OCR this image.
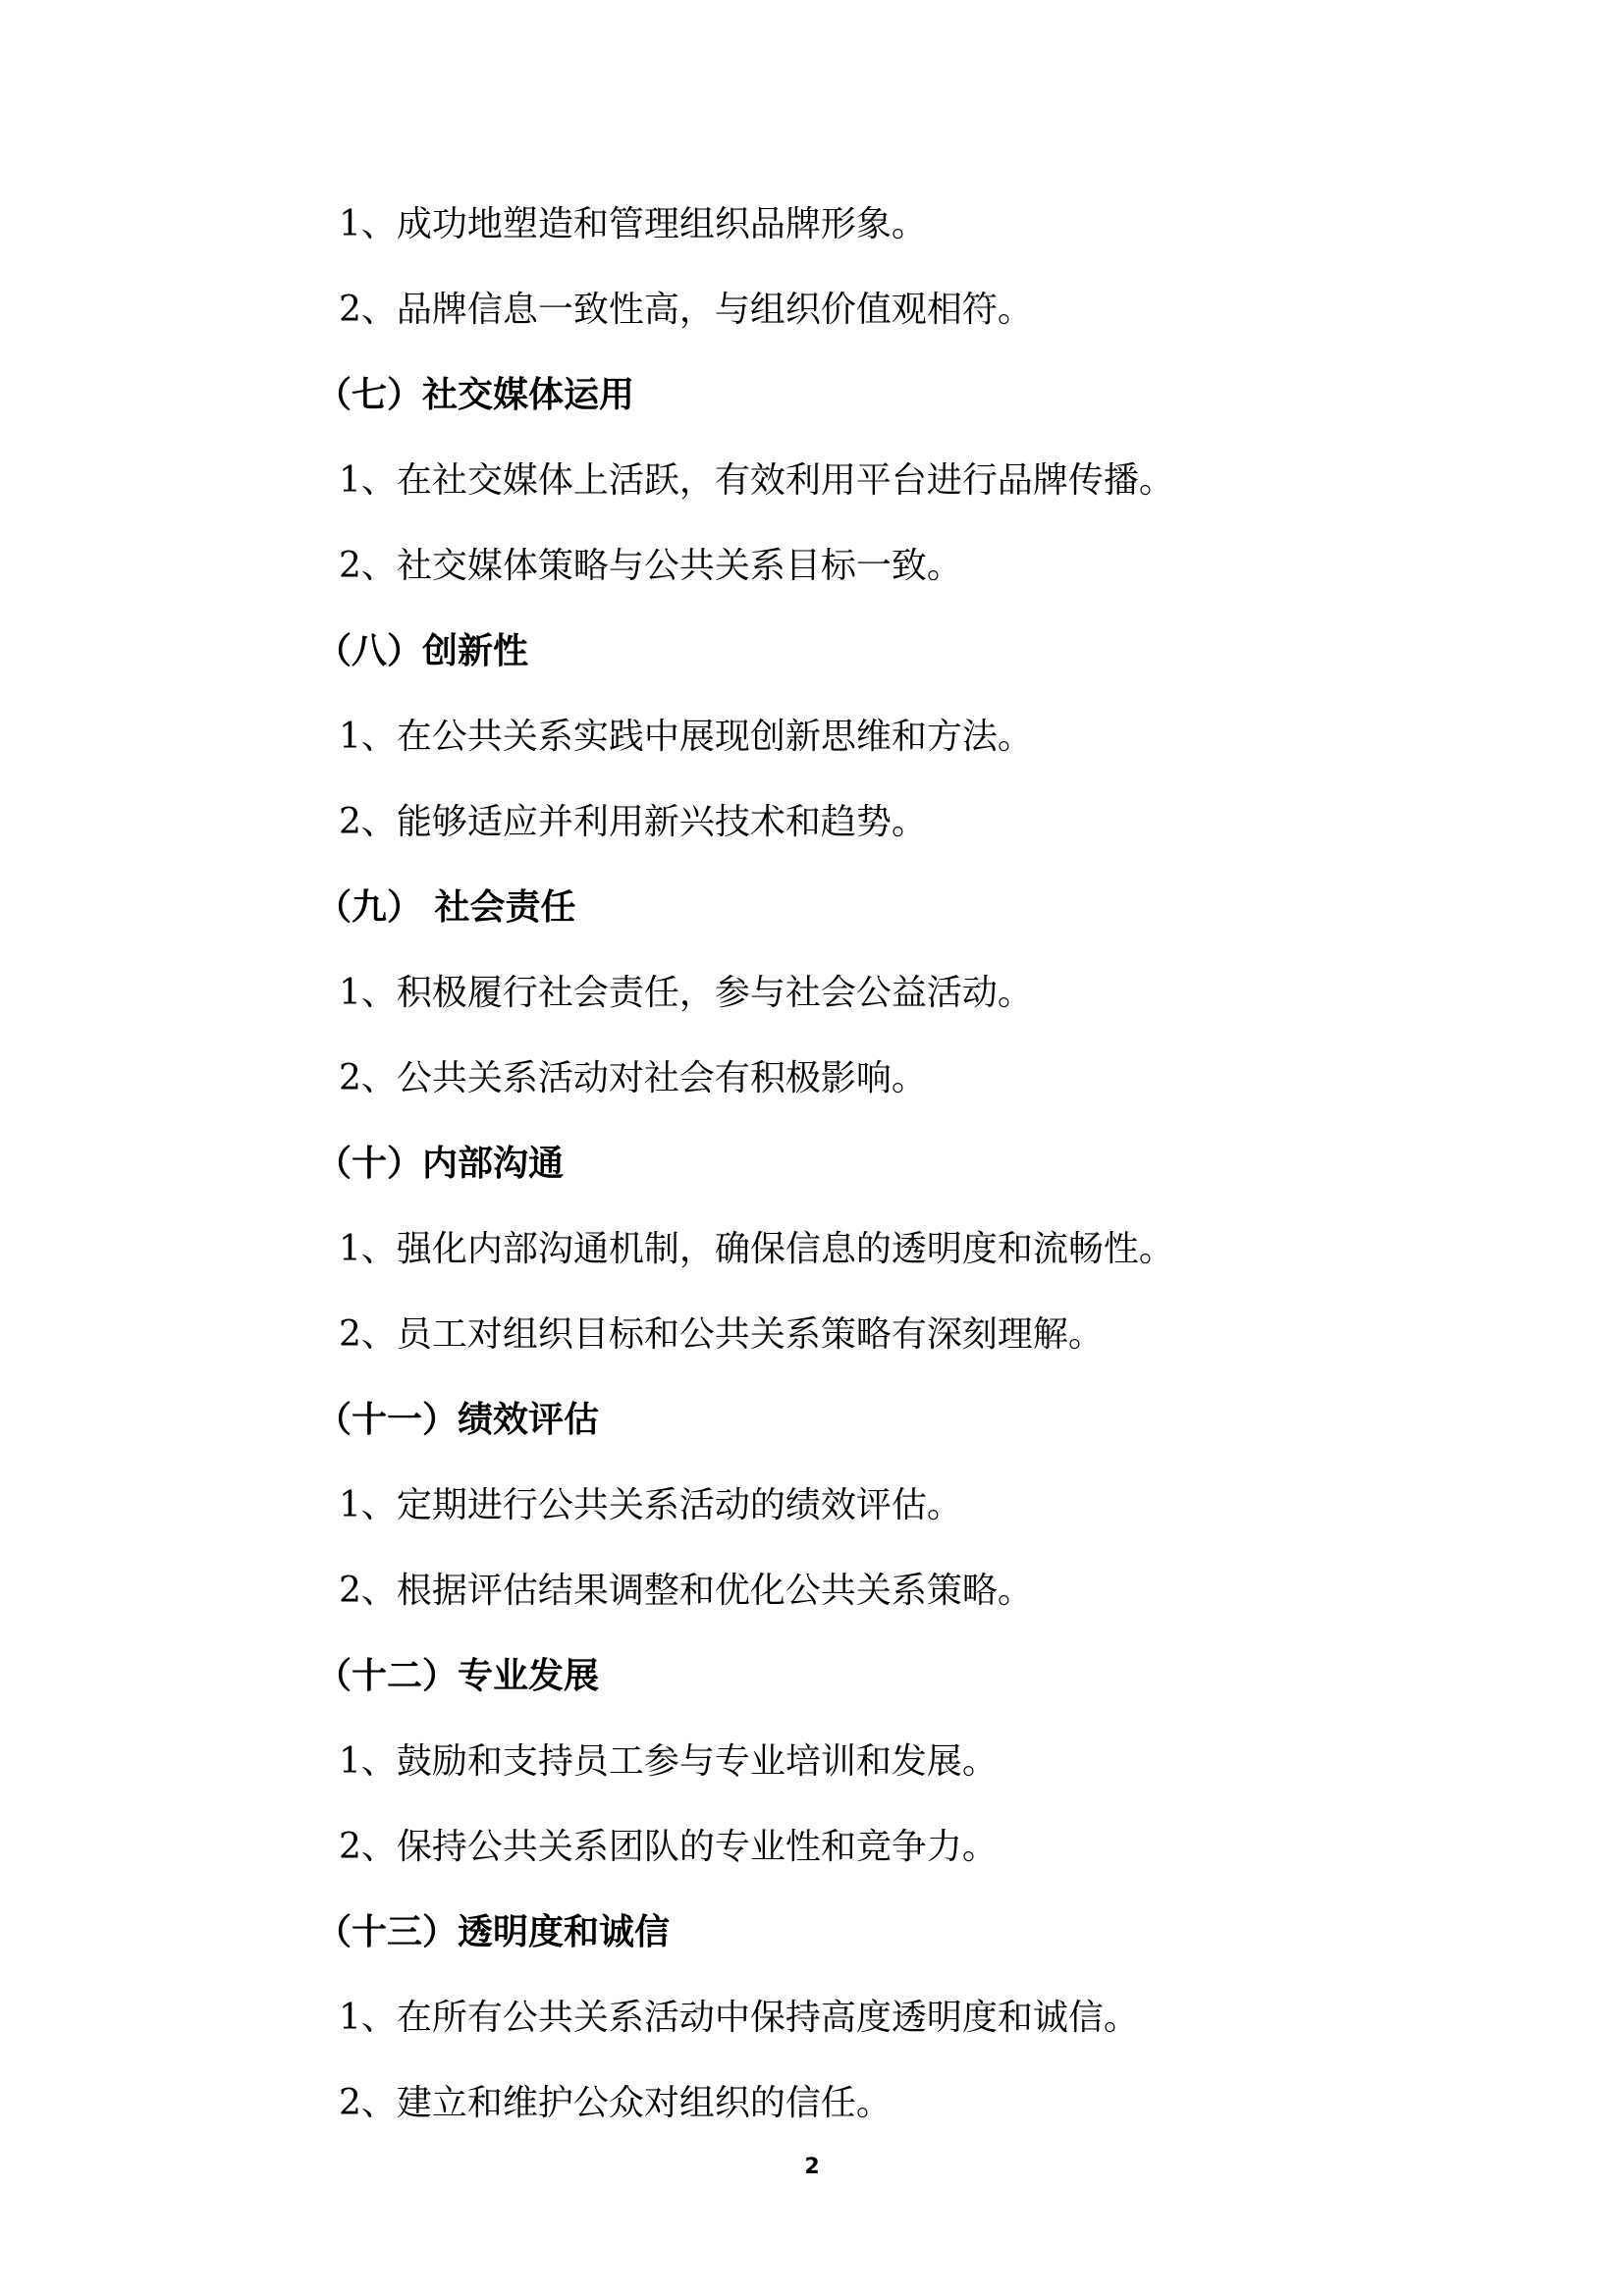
1、成功地塑造和管理组织品牌形象。
2、品牌信息一致性高，与组织价值观相符。
（七）社交媒体运用
1、在社交媒体上活跃，有效利用平台进行品牌传播。
2、社交媒体策略与公共关系目标一致。
（八）创新性
1、在公共关系实践中展现创新思维和方法。
2、能够适应并利用新兴技术和趋势。
（九） 社会责任
1、积极履行社会责任，参与社会公益活动。
2、公共关系活动对社会有积极影响。
（十）内部沟通
1、强化内部沟通机制，确保信息的透明度和流畅性。
2、员工对组织目标和公共关系策略有深刻理解。
（十一）绩效评估
1、定期进行公共关系活动的绩效评估。
2、根据评估结果调整和优化公共关系策略。
（十二）专业发展
1、鼓励和支持员工参与专业培训和发展。
2、保持公共关系团队的专业性和竞争力。
（十三）透明度和诚信
1、在所有公共关系活动中保持高度透明度和诚信。
2、建立和维护公众对组织的信任。
2
